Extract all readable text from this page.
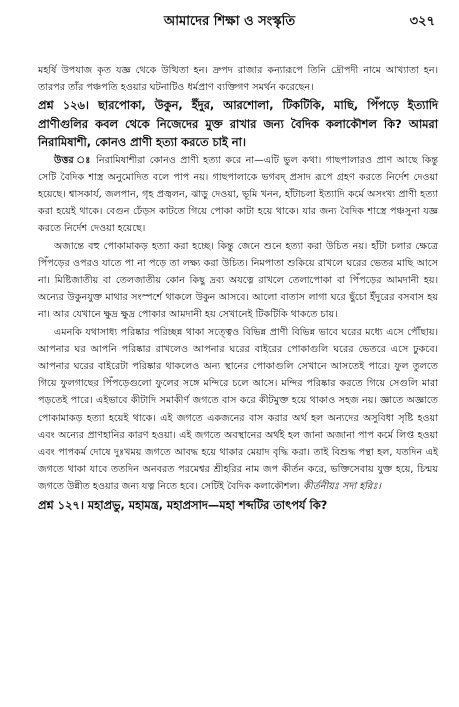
আমাদের শিক্ষা ও সংস্কৃতি	৩২৭

মহর্ষি উপযাজ কৃত যজ্ঞ থেকে উত্থিতা হন। দ্রুপদ রাজার কন্যারূপে তিনি দ্রৌপদী নামে আখ্যাতা হন। তারপর তাঁর পঞ্চপতি হওয়ার ঘটনাটিও ধর্মপ্রাণ ব্যক্তিগণ সমর্থন করেছেন।

প্রশ্ন ১২৬। ছারপোকা, উকুন, ইঁদুর, আরশোলা, টিকটিকি, মাছি, পিঁপড়ে ইত্যাদি প্রাণীগুলির কবল থেকে নিজেদের মুক্ত রাখার জন্য বৈদিক কলাকৌশল কি? আমরা নিরামিষাশী, কোনও প্রাণী হত্যা করতে চাই না।

উত্তর ঃ নিরামিষাশীরা কোনও প্রাণী হত্যা করে না—এটি ভুল কথা। গাছপালারও প্রাণ আছে কিন্তু সেটি বৈদিক শাস্ত্র অনুমোদিত বলে পাপ নয়। গাছপালাকে ভগবদ্ প্রসাদ রূপে গ্রহণ করতে নির্দেশ দেওয়া হয়েছে। শ্বাসকার্য, জলপান, গৃহ প্রজ্বলন, ঝাড়ু দেওয়া, ভূমি খনন, হাঁটাচলা ইত্যাদি কর্মে অসংখ্য প্রাণী হত্যা করা হয়েই থাকে। বেগুন ঢেঁড়স কাটতে গিয়ে পোকা কাটা হয়ে থাকে। যার জন্য বৈদিক শাস্ত্রে পঞ্চসুনা যজ্ঞ করতে নির্দেশ দেওয়া হয়েছে।

অজান্তে বহু পোকামাকড় হত্যা করা হচ্ছে। কিন্তু জেনে শুনে হত্যা করা উচিত নয়। হাঁটা চলার ক্ষেত্রে পিঁপড়ের ওপরও যাতে পা না পড়ে তা লক্ষ্য করা উচিত। নিমপাতা শুকিয়ে রাখলে ঘরের ভেতর মাছি আসে না। মিষ্টিজাতীয় বা তেলজাতীয় কোন কিছু দ্রব্য অযত্নে রাখলে তেলাপোকা বা পিঁপড়ের আমদানী হয়। অন্যের উকুনযুক্ত মাথার সংস্পর্শে থাকলে উকুন আসবে। আলো বাতাস লাগা ঘরে ছুঁচো ইঁদুরের বসবাস হয় না। আর যেখানে ক্ষুদ্র ক্ষুদ্র পোকার আমদানী হয় সেখানেই টিকটিকি থাকতে চায়।

এমনকি যথাসাধ্য পরিষ্কার পরিচ্ছন্ন থাকা সত্ত্বেও বিভিন্ন প্রাণী বিভিন্ন ভাবে ঘরের মধ্যে এসে পৌঁছায়। আপনার ঘর আপনি পরিষ্কার রাখলেও আপনার ঘরের বাইরের পোকাগুলি ঘরের ভেতরে এসে ঢুকবে। আপনার ঘরের বাইরেটা পরিষ্কার থাকলেও অন্য স্থানের পোকাগুলি সেখানে আসতেই পারে। ফুল তুলতে গিয়ে ফুলগাছের পিঁপড়েগুলো ফুলের সঙ্গে মন্দিরে চলে আসে। মন্দির পরিষ্কার করতে গিয়ে সেগুলি মারা পড়তেই পারে। এইভাবে কীটাদি সমাকীর্ণ জগতে বাস করে কীটমুক্ত হয়ে থাকাও সহজ নয়। জ্ঞাতে অজ্ঞাতে পোকামাকড় হত্যা হয়েই থাকে। এই জগতে একজনের বাস করার অর্থ হল অন্যদের অসুবিধা সৃষ্টি হওয়া এবং অন্যের প্রাণহানির কারণ হওয়া। এই জগতে অবস্থানের অর্থই হল জানা অজানা পাপ কর্মে লিপ্ত হওয়া এবং পাপকর্ম দোষে দুঃখময় জগতে আবদ্ধ হয়ে থাকার মেয়াদ বৃদ্ধি করা। তাই বিশুদ্ধ পন্থা হল, যতদিন এই জগতে থাকা যাবে ততদিন অনবরত পরমেশ্বর শ্রীহরির নাম জপ কীর্তন করে, ভক্তিসেবায় যুক্ত হয়ে, চিন্ময় জগতে উন্নীত হওয়ার জন্য যত্ন নিতে হবে। সেটিই বৈদিক কলাকৌশল। কীর্তনীয়ঃ সদা হরিঃ।

প্রশ্ন ১২৭। মহাপ্রভু, মহামন্ত্র, মহাপ্রসাদ—মহা শব্দটির তাৎপর্য কি?
